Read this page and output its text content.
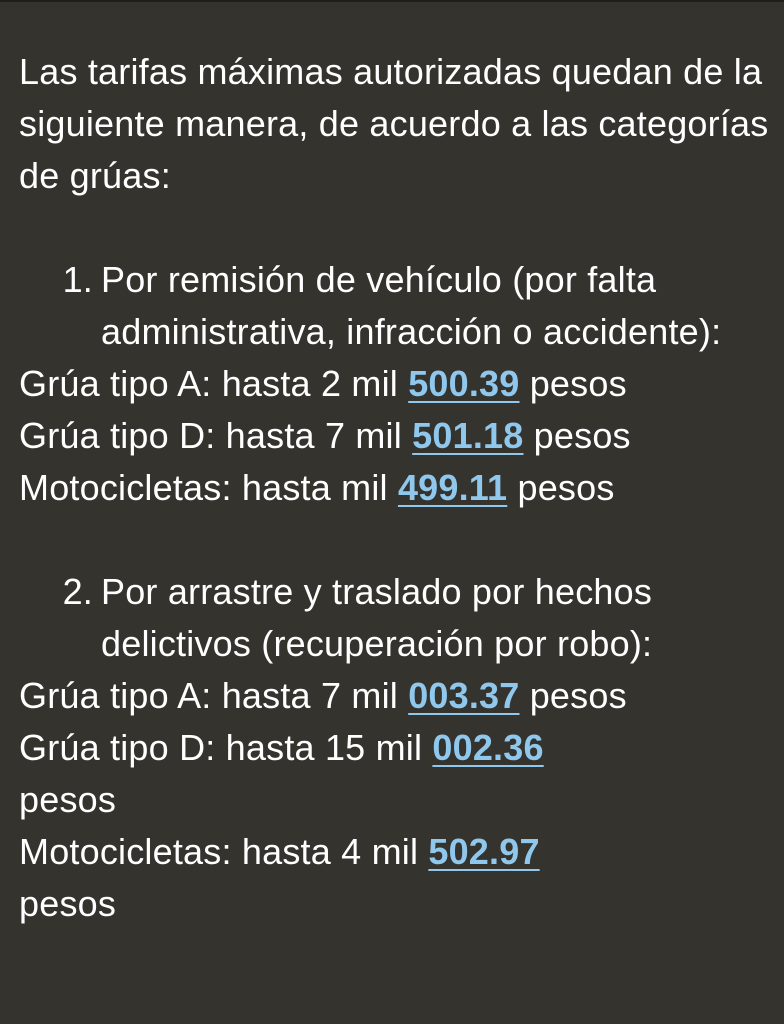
Las tarifas máximas autorizadas quedan de la siguiente manera, de acuerdo a las categorías de grúas:

1. Por remisión de vehículo (por falta administrativa, infracción o accidente):
Grúa tipo A: hasta 2 mil 500.39 pesos
Grúa tipo D: hasta 7 mil 501.18 pesos
Motocicletas: hasta mil 499.11 pesos
2. Por arrastre y traslado por hechos delictivos (recuperación por robo):
Grúa tipo A: hasta 7 mil 003.37 pesos
Grúa tipo D: hasta 15 mil 002.36
pesos
Motocicletas: hasta 4 mil 502.97
pesos
